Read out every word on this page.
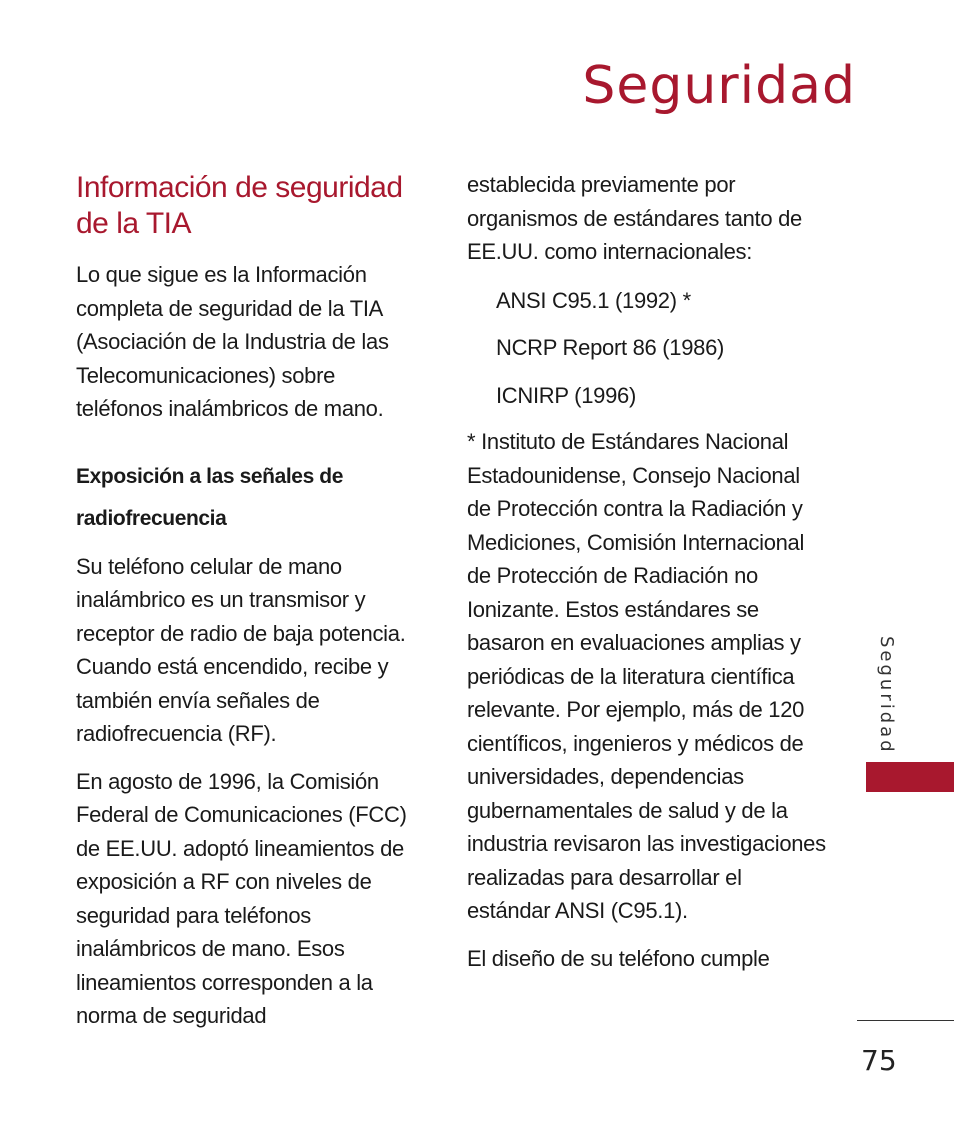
Seguridad
Información de seguridad de la TIA

Lo que sigue es la Información completa de seguridad de la TIA (Asociación de la Industria de las Telecomunicaciones) sobre teléfonos inalámbricos de mano.

Exposición a las señales de radiofrecuencia

Su teléfono celular de mano inalámbrico es un transmisor y receptor de radio de baja potencia. Cuando está encendido, recibe y también envía señales de radiofrecuencia (RF).

En agosto de 1996, la Comisión Federal de Comunicaciones (FCC) de EE.UU. adoptó lineamientos de exposición a RF con niveles de seguridad para teléfonos inalámbricos de mano. Esos lineamientos corresponden a la norma de seguridad

establecida previamente por organismos de estándares tanto de EE.UU. como internacionales:

ANSI C95.1 (1992) *

NCRP Report 86 (1986)

ICNIRP (1996)

* Instituto de Estándares Nacional Estadounidense, Consejo Nacional de Protección contra la Radiación y Mediciones, Comisión Internacional de Protección de Radiación no Ionizante. Estos estándares se basaron en evaluaciones amplias y periódicas de la literatura científica relevante. Por ejemplo, más de 120 científicos, ingenieros y médicos de universidades, dependencias gubernamentales de salud y de la industria revisaron las investigaciones realizadas para desarrollar el estándar ANSI (C95.1).

El diseño de su teléfono cumple

Seguridad
75
